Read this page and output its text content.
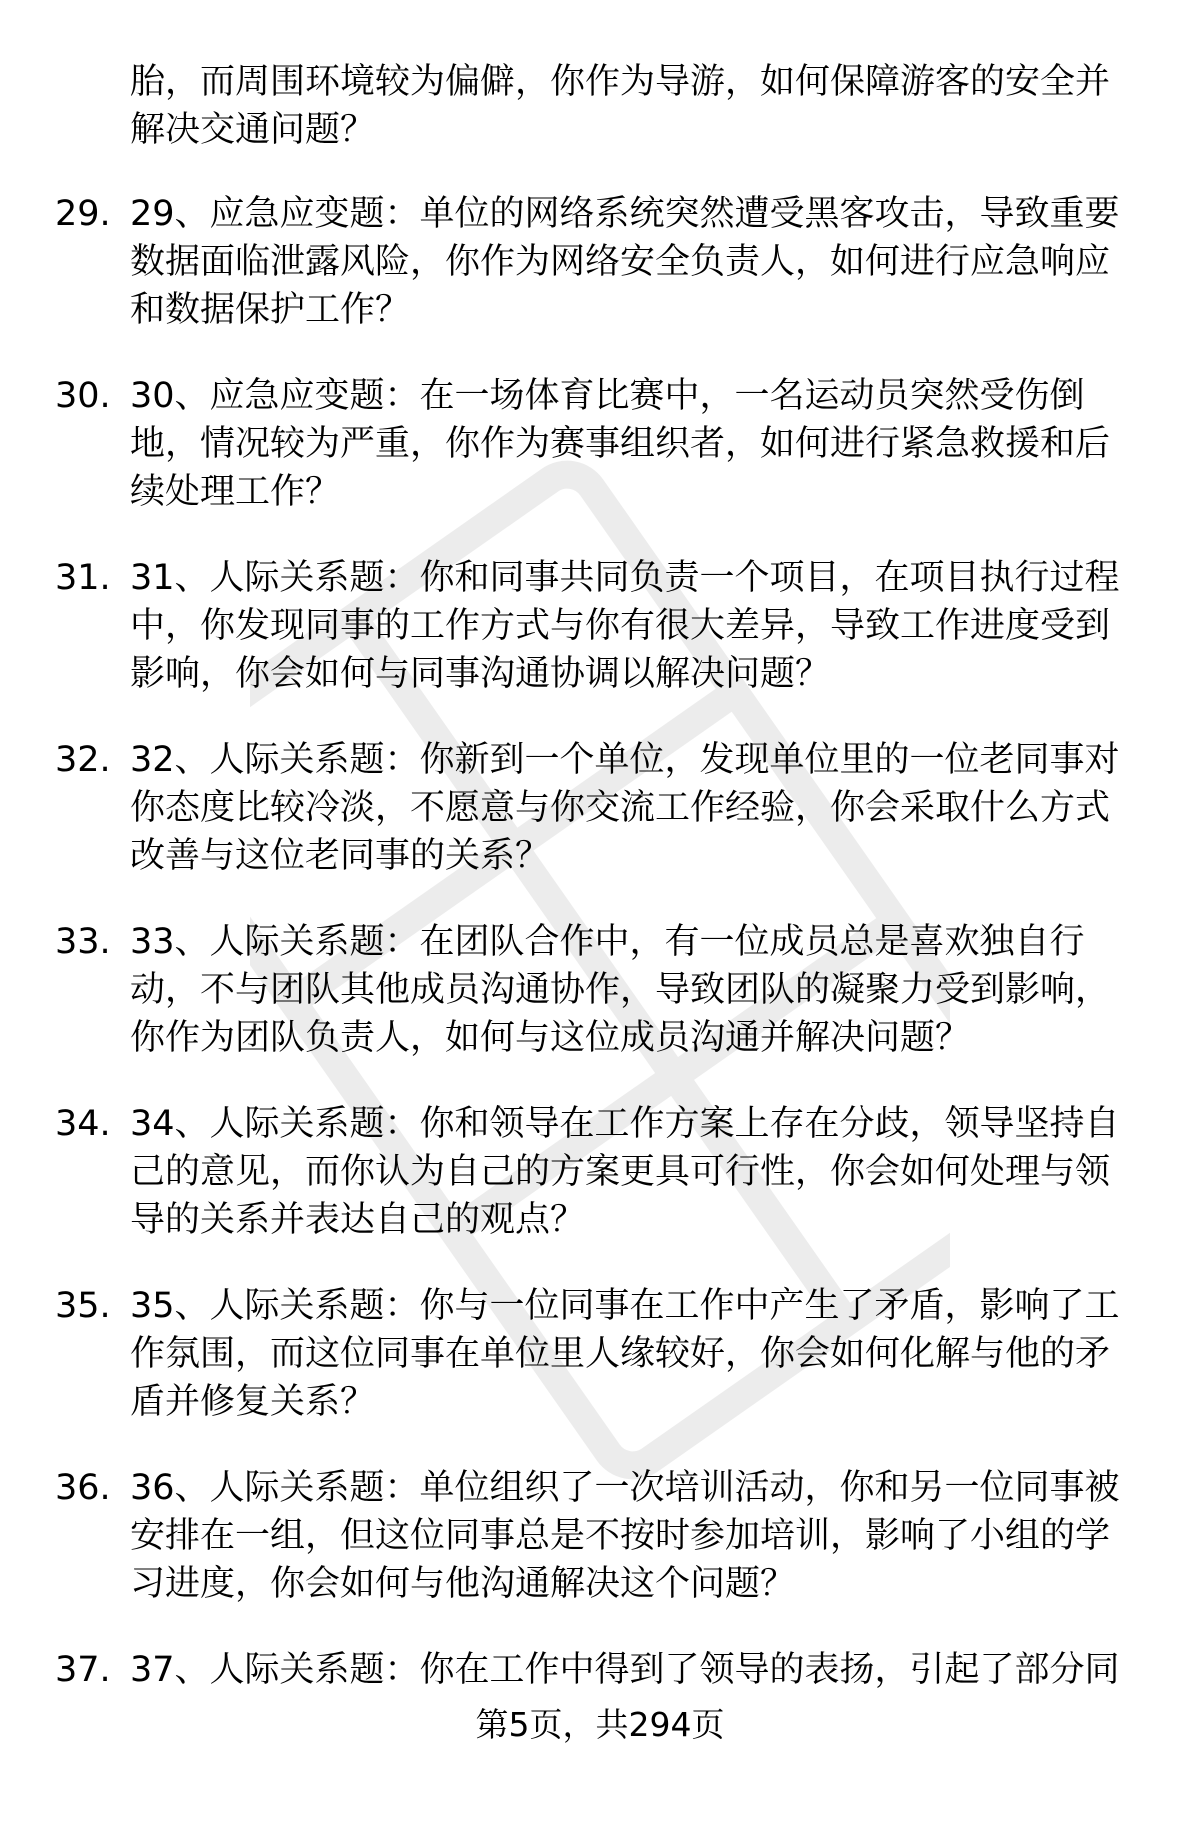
胎，而周围环境较为偏僻，你作为导游，如何保障游客的安全并解决交通问题？
29. 29、应急应变题：单位的网络系统突然遭受黑客攻击，导致重要数据面临泄露风险，你作为网络安全负责人，如何进行应急响应和数据保护工作？
30. 30、应急应变题：在一场体育比赛中，一名运动员突然受伤倒地，情况较为严重，你作为赛事组织者，如何进行紧急救援和后续处理工作？
31. 31、人际关系题：你和同事共同负责一个项目，在项目执行过程中，你发现同事的工作方式与你有很大差异，导致工作进度受到影响，你会如何与同事沟通协调以解决问题？
32. 32、人际关系题：你新到一个单位，发现单位里的一位老同事对你态度比较冷淡，不愿意与你交流工作经验，你会采取什么方式改善与这位老同事的关系？
33. 33、人际关系题：在团队合作中，有一位成员总是喜欢独自行动，不与团队其他成员沟通协作，导致团队的凝聚力受到影响，你作为团队负责人，如何与这位成员沟通并解决问题？
34. 34、人际关系题：你和领导在工作方案上存在分歧，领导坚持自己的意见，而你认为自己的方案更具可行性，你会如何处理与领导的关系并表达自己的观点？
35. 35、人际关系题：你与一位同事在工作中产生了矛盾，影响了工作氛围，而这位同事在单位里人缘较好，你会如何化解与他的矛盾并修复关系？
36. 36、人际关系题：单位组织了一次培训活动，你和另一位同事被安排在一组，但这位同事总是不按时参加培训，影响了小组的学习进度，你会如何与他沟通解决这个问题？
37. 37、人际关系题：你在工作中得到了领导的表扬，引起了部分同
第5页，共294页
